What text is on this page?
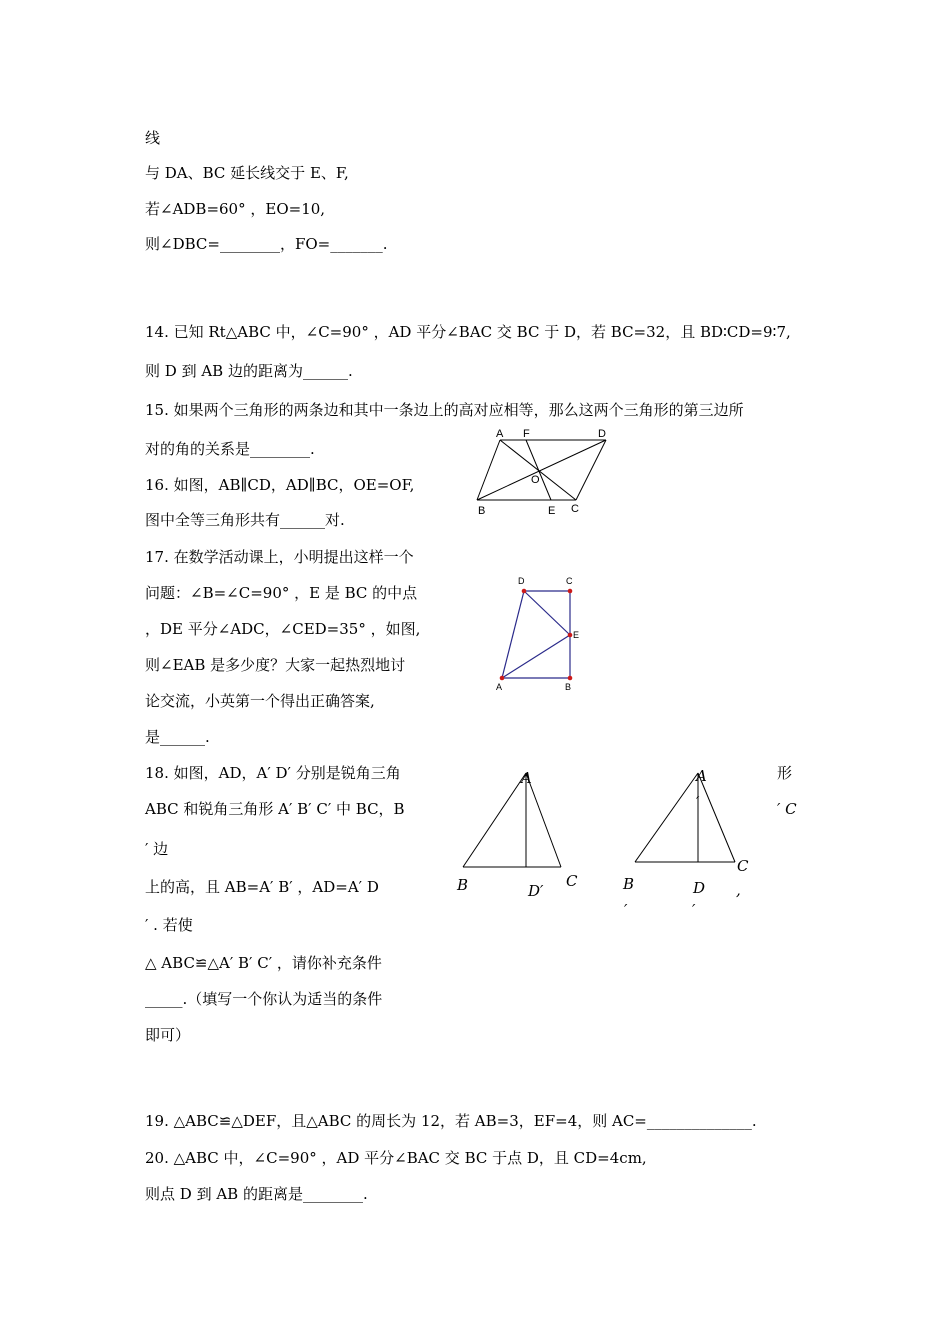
线
与 DA、BC 延长线交于 E、F,
若∠ADB=60° ，EO=10,
则∠DBC=________，FO=_______.
14. 已知 Rt△ABC 中，∠C=90° ，AD 平分∠BAC 交 BC 于 D，若 BC=32，且 BD∶CD=9∶7,
则 D 到 AB 边的距离为______.
15. 如果两个三角形的两条边和其中一条边上的高对应相等，那么这两个三角形的第三边所
对的角的关系是________.
16. 如图，AB∥CD，AD∥BC，OE=OF,
图中全等三角形共有______对.
A F	D
O
B	E C
17. 在数学活动课上，小明提出这样一个
问题：∠B=∠C=90° ，E 是 BC 的中点
，DE 平分∠ADC，∠CED=35° ，如图,
则∠EAB 是多少度？大家一起热烈地讨
论交流，小英第一个得出正确答案,
是______.
D	C
E
A	B
18. 如图，AD，A′ D′ 分别是锐角三角	形
ABC 和锐角三角形 A′ B′ C′ 中 BC，B	′ C
′ 边
上的高，且 AB=A′ B′ ，AD=A′ D
′ . 若使
△ ABC≌△A′ B′ C′ ，请你补充条件
_____.（填写一个你认为适当的条件
即可）
A
B	C
D′
A
′
B
C
D
′	′
,
19. △ABC≌△DEF，且△ABC 的周长为 12，若 AB=3，EF=4，则 AC=______________.
20. △ABC 中，∠C=90° ，AD 平分∠BAC 交 BC 于点 D，且 CD=4cm,
则点 D 到 AB 的距离是________.
